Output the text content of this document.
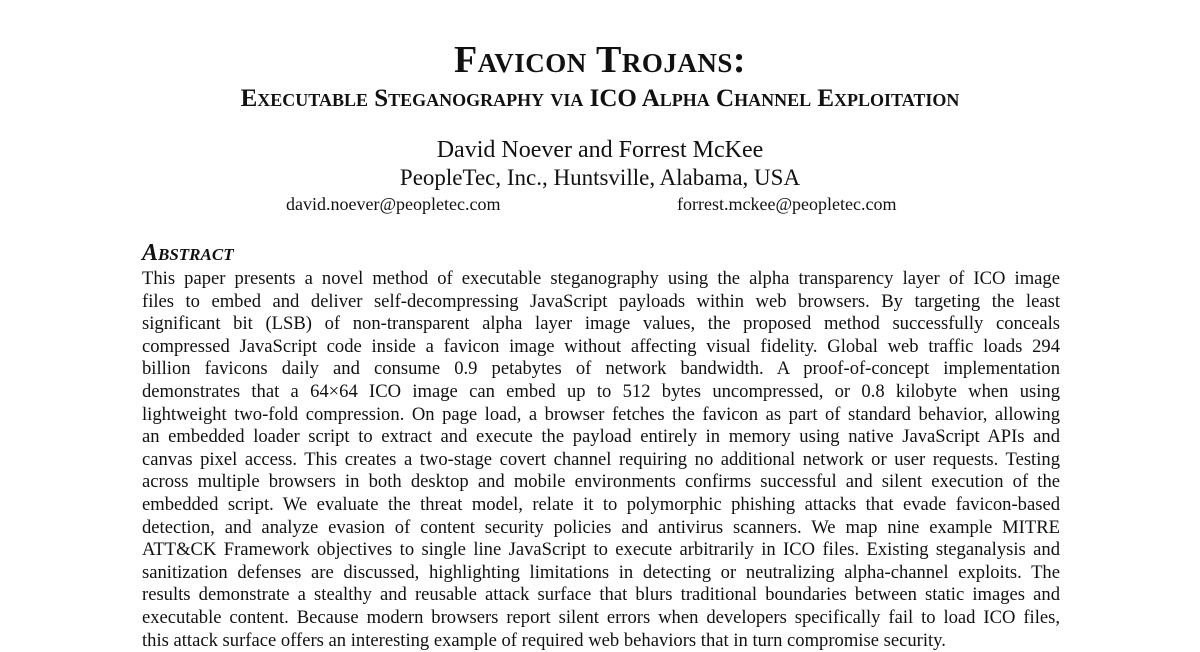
Favicon Trojans:
Executable Steganography via ICO Alpha Channel Exploitation
David Noever and Forrest McKee
PeopleTec, Inc., Huntsville, Alabama, USA
david.noever@peopletec.com	forrest.mckee@peopletec.com
Abstract
This paper presents a novel method of executable steganography using the alpha transparency layer of ICO image
files to embed and deliver self-decompressing JavaScript payloads within web browsers. By targeting the least
significant bit (LSB) of non-transparent alpha layer image values, the proposed method successfully conceals
compressed JavaScript code inside a favicon image without affecting visual fidelity. Global web traffic loads 294
billion favicons daily and consume 0.9 petabytes of network bandwidth. A proof-of-concept implementation
demonstrates that a 64×64 ICO image can embed up to 512 bytes uncompressed, or 0.8 kilobyte when using
lightweight two-fold compression. On page load, a browser fetches the favicon as part of standard behavior, allowing
an embedded loader script to extract and execute the payload entirely in memory using native JavaScript APIs and
canvas pixel access. This creates a two-stage covert channel requiring no additional network or user requests. Testing
across multiple browsers in both desktop and mobile environments confirms successful and silent execution of the
embedded script. We evaluate the threat model, relate it to polymorphic phishing attacks that evade favicon-based
detection, and analyze evasion of content security policies and antivirus scanners. We map nine example MITRE
ATT&CK Framework objectives to single line JavaScript to execute arbitrarily in ICO files. Existing steganalysis and
sanitization defenses are discussed, highlighting limitations in detecting or neutralizing alpha-channel exploits. The
results demonstrate a stealthy and reusable attack surface that blurs traditional boundaries between static images and
executable content. Because modern browsers report silent errors when developers specifically fail to load ICO files,
this attack surface offers an interesting example of required web behaviors that in turn compromise security.
